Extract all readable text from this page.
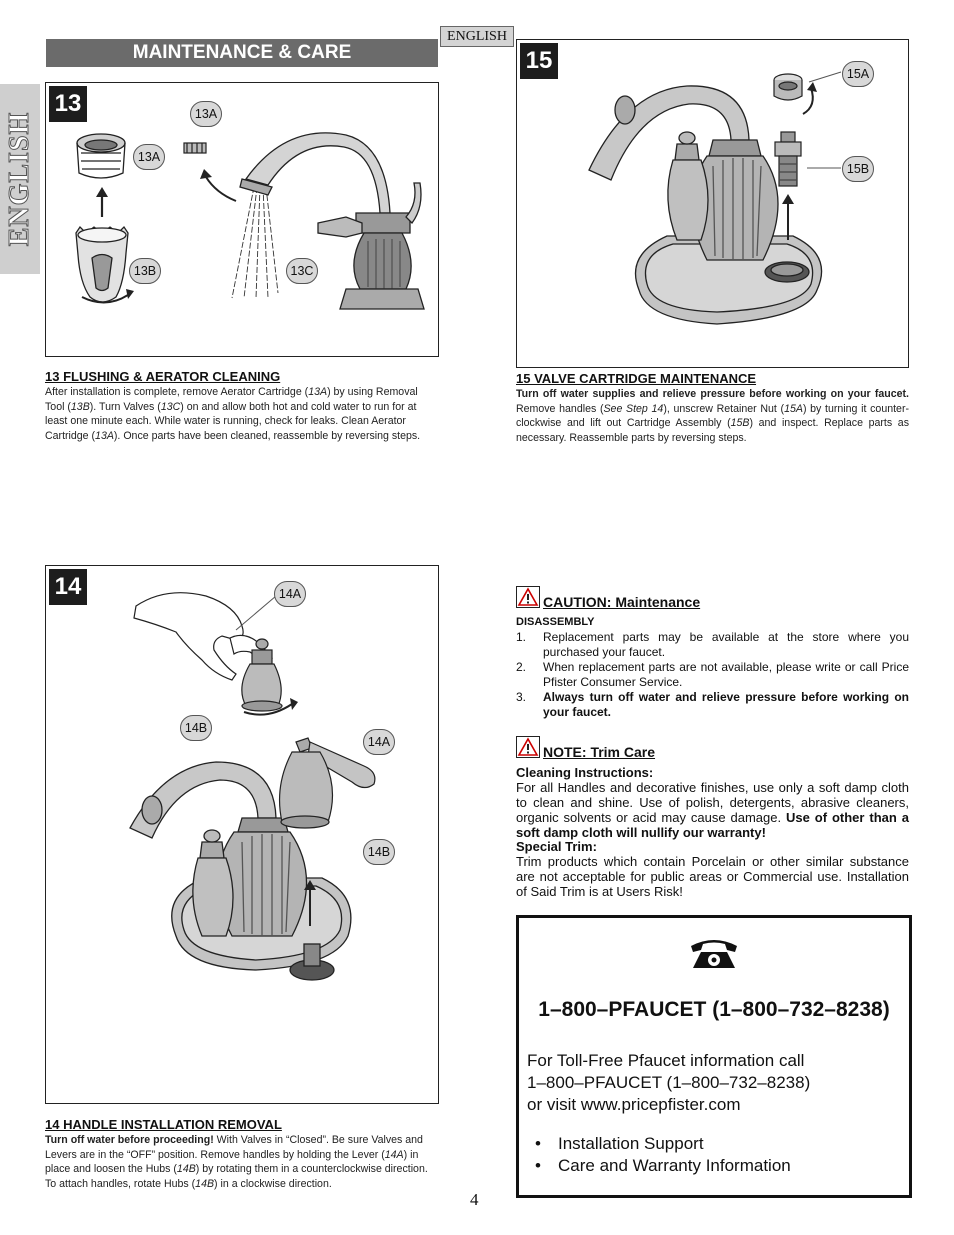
MAINTENANCE & CARE
ENGLISH
ENGLISH
13	13A
13A
13B	13C
13 FLUSHING & AERATOR CLEANING
After installation is complete, remove Aerator Cartridge (13A) by using Removal Tool (13B). Turn Valves (13C) on and allow both hot and cold water to run for at least one minute each. While water is running, check for leaks. Clean Aerator Cartridge (13A). Once parts have been cleaned, reassemble by reversing steps.
15	15A
15B
15 VALVE CARTRIDGE MAINTENANCE
Turn off water supplies and relieve pressure before working on your faucet. Remove handles (See Step 14), unscrew Retainer Nut (15A) by turning it counter-clockwise and lift out Cartridge Assembly (15B) and inspect. Replace parts as necessary. Reassemble parts by reversing steps.
14	14A
14B
14A
14B
14 HANDLE INSTALLATION REMOVAL
Turn off water before proceeding! With Valves in “Closed”. Be sure Valves and Levers are in the “OFF” position. Remove handles by holding the Lever (14A) in place and loosen the Hubs (14B) by rotating them in a counterclockwise direction. To attach handles, rotate Hubs (14B) in a clockwise direction.
CAUTION: Maintenance
DISASSEMBLY
1. Replacement parts may be available at the store where you purchased your faucet.
2. When replacement parts are not available, please write or call Price Pfister Consumer Service.
3. Always turn off water and relieve pressure before working on your faucet.
NOTE: Trim Care
Cleaning Instructions:
For all Handles and decorative finishes, use only a soft damp cloth to clean and shine. Use of polish, detergents, abrasive cleaners, organic solvents or acid may cause damage. Use of other than a soft damp cloth will nullify our warranty!
Special Trim:
Trim products which contain Porcelain or other similar substance are not acceptable for public areas or Commercial use. Installation of Said Trim is at Users Risk!
1–800–PFAUCET (1–800–732–8238)
For Toll-Free Pfaucet information call
1–800–PFAUCET (1–800–732–8238)
or visit www.pricepfister.com
• Installation Support
• Care and Warranty Information
4
